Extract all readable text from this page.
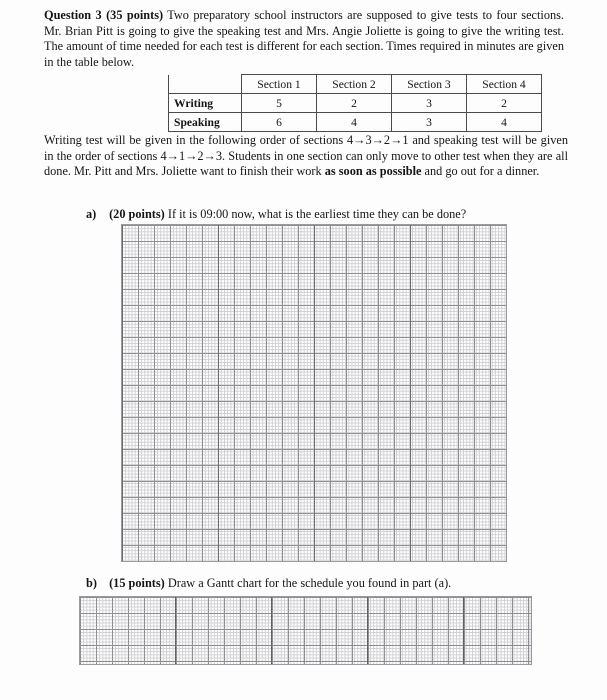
Question 3 (35 points) Two preparatory school instructors are supposed to give tests to four sections. Mr. Brian Pitt is going to give the speaking test and Mrs. Angie Joliette is going to give the writing test. The amount of time needed for each test is different for each section. Times required in minutes are given in the table below.
	Section 1	Section 2	Section 3	Section 4
Writing	5	2	3	2
Speaking	6	4	3	4
Writing test will be given in the following order of sections 4→3→2→1 and speaking test will be given in the order of sections 4→1→2→3. Students in one section can only move to other test when they are all done. Mr. Pitt and Mrs. Joliette want to finish their work as soon as possible and go out for a dinner.
a) (20 points) If it is 09:00 now, what is the earliest time they can be done?
b) (15 points) Draw a Gantt chart for the schedule you found in part (a).
